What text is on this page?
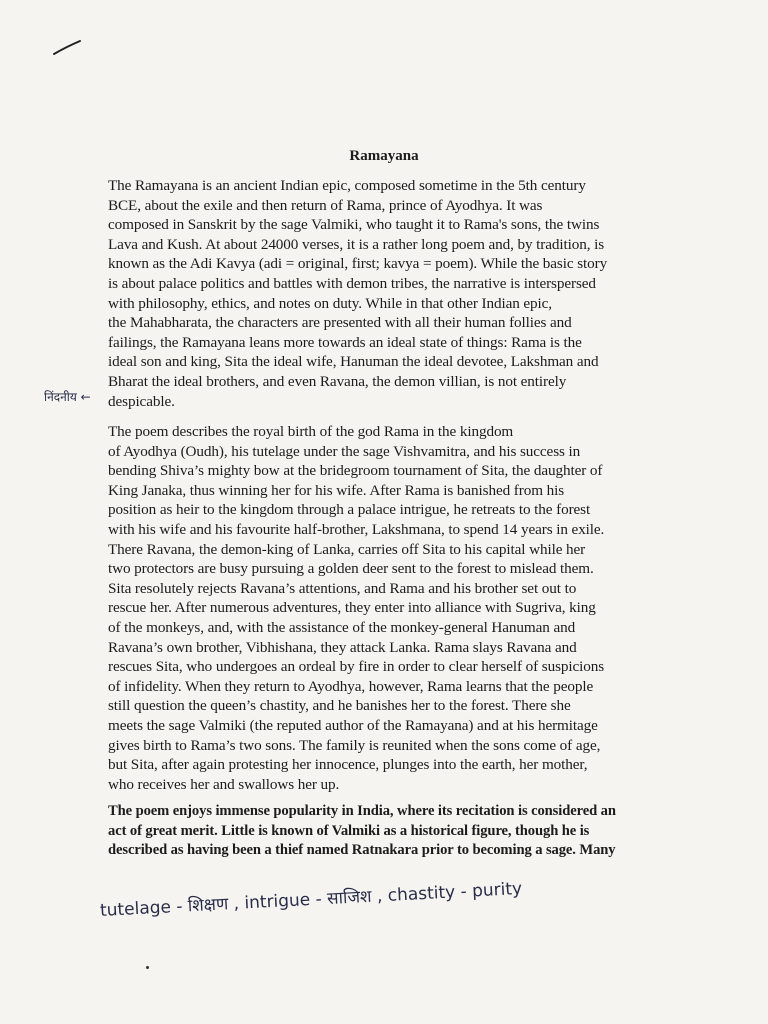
Ramayana
The Ramayana is an ancient Indian epic, composed sometime in the 5th century
BCE, about the exile and then return of Rama, prince of Ayodhya. It was
composed in Sanskrit by the sage Valmiki, who taught it to Rama's sons, the twins
Lava and Kush. At about 24000 verses, it is a rather long poem and, by tradition, is
known as the Adi Kavya (adi = original, first; kavya = poem). While the basic story
is about palace politics and battles with demon tribes, the narrative is interspersed
with philosophy, ethics, and notes on duty. While in that other Indian epic,
the Mahabharata, the characters are presented with all their human follies and
failings, the Ramayana leans more towards an ideal state of things: Rama is the
ideal son and king, Sita the ideal wife, Hanuman the ideal devotee, Lakshman and
Bharat the ideal brothers, and even Ravana, the demon villian, is not entirely
despicable.
निंदनीय ←
The poem describes the royal birth of the god Rama in the kingdom
of Ayodhya (Oudh), his tutelage under the sage Vishvamitra, and his success in
bending Shiva’s mighty bow at the bridegroom tournament of Sita, the daughter of
King Janaka, thus winning her for his wife. After Rama is banished from his
position as heir to the kingdom through a palace intrigue, he retreats to the forest
with his wife and his favourite half-brother, Lakshmana, to spend 14 years in exile.
There Ravana, the demon-king of Lanka, carries off Sita to his capital while her
two protectors are busy pursuing a golden deer sent to the forest to mislead them.
Sita resolutely rejects Ravana’s attentions, and Rama and his brother set out to
rescue her. After numerous adventures, they enter into alliance with Sugriva, king
of the monkeys, and, with the assistance of the monkey-general Hanuman and
Ravana’s own brother, Vibhishana, they attack Lanka. Rama slays Ravana and
rescues Sita, who undergoes an ordeal by fire in order to clear herself of suspicions
of infidelity. When they return to Ayodhya, however, Rama learns that the people
still question the queen’s chastity, and he banishes her to the forest. There she
meets the sage Valmiki (the reputed author of the Ramayana) and at his hermitage
gives birth to Rama’s two sons. The family is reunited when the sons come of age,
but Sita, after again protesting her innocence, plunges into the earth, her mother,
who receives her and swallows her up.
The poem enjoys immense popularity in India, where its recitation is considered an
act of great merit. Little is known of Valmiki as a historical figure, though he is
described as having been a thief named Ratnakara prior to becoming a sage. Many
tutelage - शिक्षण , intrigue - साजिश , chastity - purity
